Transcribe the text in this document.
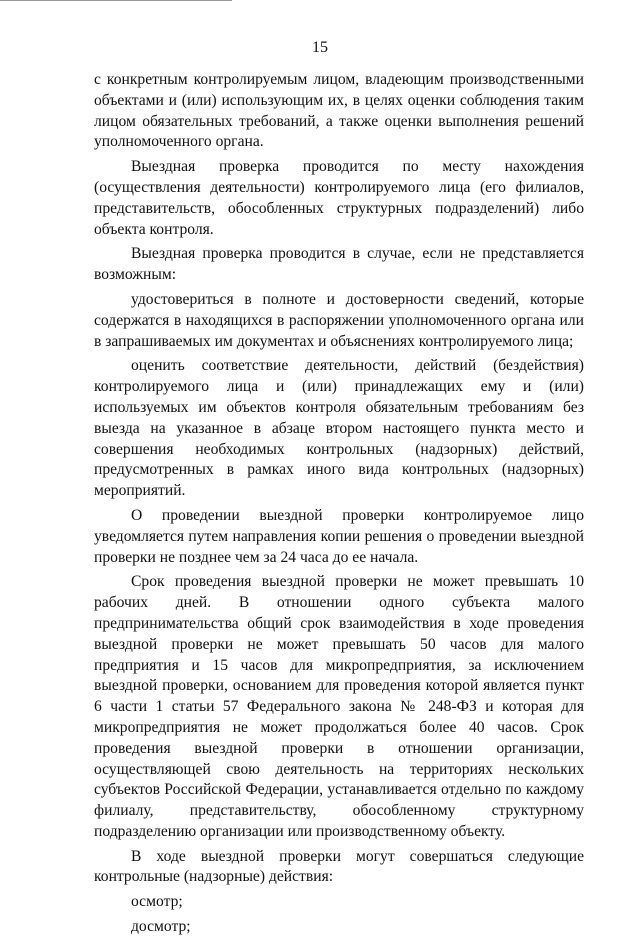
15

с конкретным контролируемым лицом, владеющим производственными объектами и (или) использующим их, в целях оценки соблюдения таким лицом обязательных требований, а также оценки выполнения решений уполномоченного органа.

Выездная проверка проводится по месту нахождения (осуществления деятельности) контролируемого лица (его филиалов, представительств, обособленных структурных подразделений) либо объекта контроля.

Выездная проверка проводится в случае, если не представляется возможным:

удостовериться в полноте и достоверности сведений, которые содержатся в находящихся в распоряжении уполномоченного органа или в запрашиваемых им документах и объяснениях контролируемого лица;

оценить соответствие деятельности, действий (бездействия) контролируемого лица и (или) принадлежащих ему и (или) используемых им объектов контроля обязательным требованиям без выезда на указанное в абзаце втором настоящего пункта место и совершения необходимых контрольных (надзорных) действий, предусмотренных в рамках иного вида контрольных (надзорных) мероприятий.

О проведении выездной проверки контролируемое лицо уведомляется путем направления копии решения о проведении выездной проверки не позднее чем за 24 часа до ее начала.

Срок проведения выездной проверки не может превышать 10 рабочих дней. В отношении одного субъекта малого предпринимательства общий срок взаимодействия в ходе проведения выездной проверки не может превышать 50 часов для малого предприятия и 15 часов для микропредприятия, за исключением выездной проверки, основанием для проведения которой является пункт 6 части 1 статьи 57 Федерального закона № 248-ФЗ и которая для микропредприятия не может продолжаться более 40 часов. Срок проведения выездной проверки в отношении организации, осуществляющей свою деятельность на территориях нескольких субъектов Российской Федерации, устанавливается отдельно по каждому филиалу, представительству, обособленному структурному подразделению организации или производственному объекту.

В ходе выездной проверки могут совершаться следующие контрольные (надзорные) действия:

осмотр;

досмотр;
